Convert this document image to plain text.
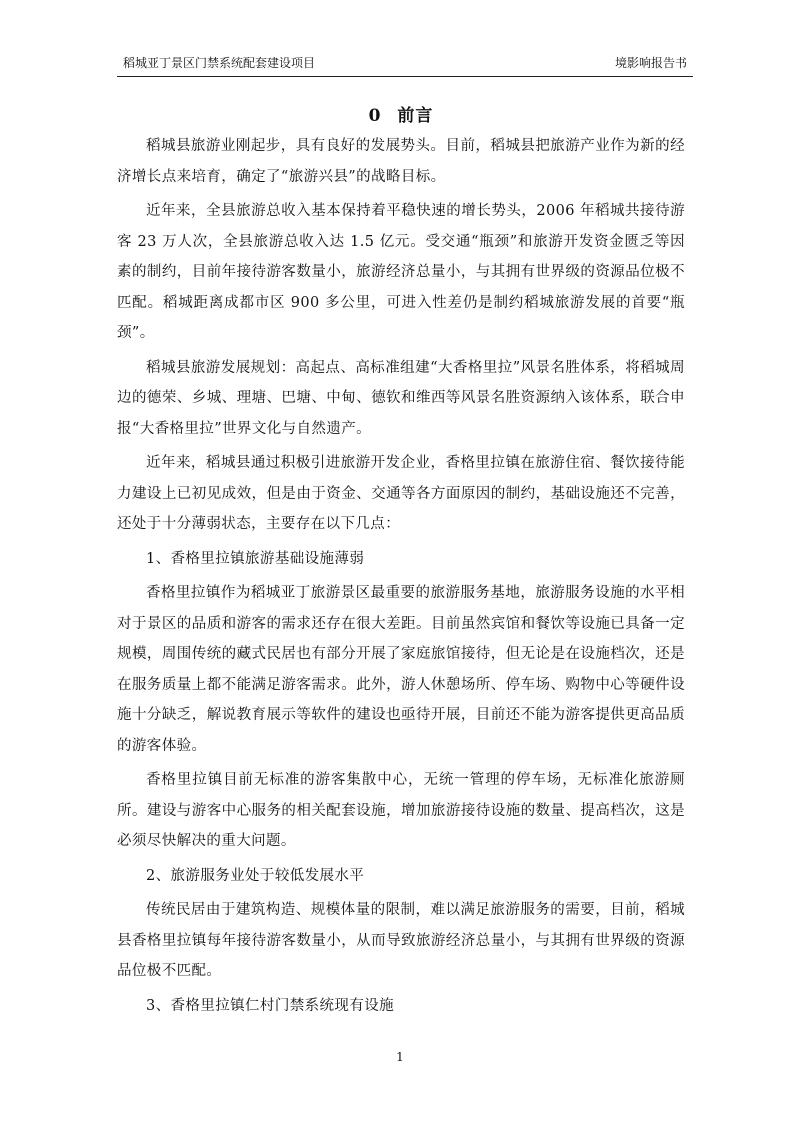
稻城亚丁景区门禁系统配套建设项目	境影响报告书
0 前言

稻城县旅游业刚起步，具有良好的发展势头。目前，稻城县把旅游产业作为新的经济增长点来培育，确定了“旅游兴县”的战略目标。

近年来，全县旅游总收入基本保持着平稳快速的增长势头，2006 年稻城共接待游客 23 万人次，全县旅游总收入达 1.5 亿元。受交通“瓶颈”和旅游开发资金匮乏等因素的制约，目前年接待游客数量小，旅游经济总量小，与其拥有世界级的资源品位极不匹配。稻城距离成都市区 900 多公里，可进入性差仍是制约稻城旅游发展的首要“瓶颈”。

稻城县旅游发展规划：高起点、高标准组建“大香格里拉”风景名胜体系，将稻城周边的德荣、乡城、理塘、巴塘、中甸、德钦和维西等风景名胜资源纳入该体系，联合申报“大香格里拉”世界文化与自然遗产。

近年来，稻城县通过积极引进旅游开发企业，香格里拉镇在旅游住宿、餐饮接待能力建设上已初见成效，但是由于资金、交通等各方面原因的制约，基础设施还不完善，还处于十分薄弱状态，主要存在以下几点：

1、香格里拉镇旅游基础设施薄弱

香格里拉镇作为稻城亚丁旅游景区最重要的旅游服务基地，旅游服务设施的水平相对于景区的品质和游客的需求还存在很大差距。目前虽然宾馆和餐饮等设施已具备一定规模，周围传统的藏式民居也有部分开展了家庭旅馆接待，但无论是在设施档次，还是在服务质量上都不能满足游客需求。此外，游人休憩场所、停车场、购物中心等硬件设施十分缺乏，解说教育展示等软件的建设也亟待开展，目前还不能为游客提供更高品质的游客体验。

香格里拉镇目前无标准的游客集散中心，无统一管理的停车场，无标准化旅游厕所。建设与游客中心服务的相关配套设施，增加旅游接待设施的数量、提高档次，这是必须尽快解决的重大问题。

2、旅游服务业处于较低发展水平

传统民居由于建筑构造、规模体量的限制，难以满足旅游服务的需要，目前，稻城县香格里拉镇每年接待游客数量小，从而导致旅游经济总量小，与其拥有世界级的资源品位极不匹配。

3、香格里拉镇仁村门禁系统现有设施

1
